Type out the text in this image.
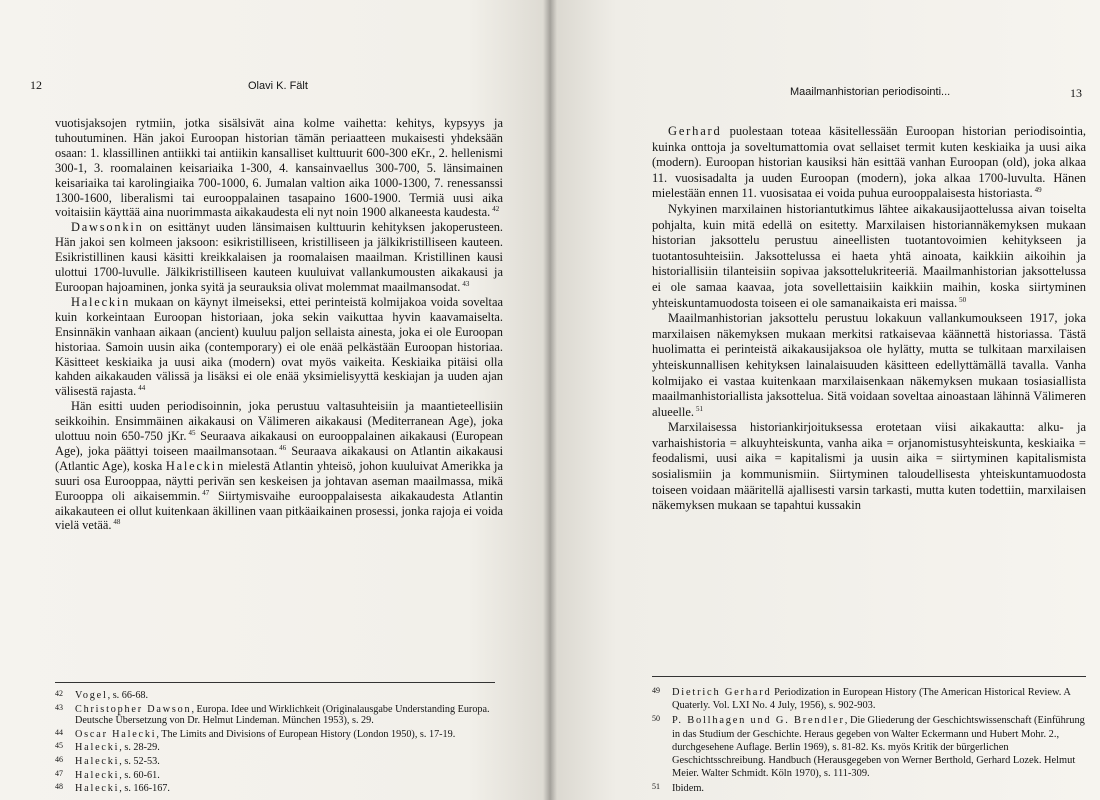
12	Olavi K. Fält

vuotisjaksojen rytmiin, jotka sisälsivät aina kolme vaihetta: kehitys, kypsyys ja tuhoutuminen. Hän jakoi Euroopan historian tämän periaatteen mukaisesti yhdeksään osaan: 1. klassillinen antiikki tai antiikin kansalliset kulttuurit 600-300 eKr., 2. hellenismi 300-1, 3. roomalainen keisariaika 1-300, 4. kansainvaellus 300-700, 5. länsimainen keisariaika tai karolingiaika 700-1000, 6. Jumalan valtion aika 1000-1300, 7. renessanssi 1300-1600, liberalismi tai eurooppalainen tasapaino 1600-1900. Termiä uusi aika voitaisiin käyttää aina nuorimmasta aikakaudesta eli nyt noin 1900 alkaneesta kaudesta. $^{42}$

Dawsonkin on esittänyt uuden länsimaisen kulttuurin kehityksen jakoperusteen. Hän jakoi sen kolmeen jaksoon: esikristilliseen, kristilliseen ja jälkikristilliseen kauteen. Esikristillinen kausi käsitti kreikkalaisen ja roomalaisen maailman. Kristillinen kausi ulottui 1700-luvulle. Jälkikristilliseen kauteen kuuluivat vallankumousten aikakausi ja Euroopan hajoaminen, jonka syitä ja seurauksia olivat molemmat maailmansodat. $^{43}$

Haleckin mukaan on käynyt ilmeiseksi, ettei perinteistä kolmijakoa voida soveltaa kuin korkeintaan Euroopan historiaan, joka sekin vaikuttaa hyvin kaavamaiselta. Ensinnäkin vanhaan aikaan (ancient) kuuluu paljon sellaista ainesta, joka ei ole Euroopan historiaa. Samoin uusin aika (contemporary) ei ole enää pelkästään Euroopan historiaa. Käsitteet keskiaika ja uusi aika (modern) ovat myös vaikeita. Keskiaika pitäisi olla kahden aikakauden välissä ja lisäksi ei ole enää yksimielisyyttä keskiajan ja uuden ajan välisestä rajasta. $^{44}$

Hän esitti uuden periodisoinnin, joka perustuu valtasuhteisiin ja maantieteellisiin seikkoihin. Ensimmäinen aikakausi on Välimeren aikakausi (Mediterranean Age), joka ulottuu noin 650-750 jKr. $^{45}$ Seuraava aikakausi on eurooppalainen aikakausi (European Age), joka päättyi toiseen maailmansotaan. $^{46}$ Seuraava aikakausi on Atlantin aikakausi (Atlantic Age), koska Haleckin mielestä Atlantin yhteisö, johon kuuluivat Amerikka ja suuri osa Eurooppaa, näytti perivän sen keskeisen ja johtavan aseman maailmassa, mikä Eurooppa oli aikaisemmin. $^{47}$ Siirtymisvaihe eurooppalaisesta aikakaudesta Atlantin aikakauteen ei ollut kuitenkaan äkillinen vaan pitkäaikainen prosessi, jonka rajoja ei voida vielä vetää. $^{48}$

42 Vogel, s. 66-68.

43 Christopher Dawson, Europa. Idee und Wirklichkeit (Originalausgabe Understanding Europa. Deutsche Übersetzung von Dr. Helmut Lindeman. München 1953), s. 29.

44 Oscar Halecki, The Limits and Divisions of European History (London 1950), s. 17-19.

45 Halecki, s. 28-29.

46 Halecki, s. 52-53.

47 Halecki, s. 60-61.

48 Halecki, s. 166-167.

Maailmanhistorian periodisointi...	13

Gerhard puolestaan toteaa käsitellessään Euroopan historian periodisointia, kuinka onttoja ja soveltumattomia ovat sellaiset termit kuten keskiaika ja uusi aika (modern). Euroopan historian kausiksi hän esittää vanhan Euroopan (old), joka alkaa 11. vuosisadalta ja uuden Euroopan (modern), joka alkaa 1700-luvulta. Hänen mielestään ennen 11. vuosisataa ei voida puhua eurooppalaisesta historiasta. $^{49}$

Nykyinen marxilainen historiantutkimus lähtee aikakausijaottelussa aivan toiselta pohjalta, kuin mitä edellä on esitetty. Marxilaisen historiannäkemyksen mukaan historian jaksottelu perustuu aineellisten tuotantovoimien kehitykseen ja tuotantosuhteisiin. Jaksottelussa ei haeta yhtä ainoata, kaikkiin aikoihin ja historiallisiin tilanteisiin sopivaa jaksottelukriteeriä. Maailmanhistorian jaksottelussa ei ole samaa kaavaa, jota sovellettaisiin kaikkiin maihin, koska siirtyminen yhteiskuntamuodosta toiseen ei ole samanaikaista eri maissa. $^{50}$

Maailmanhistorian jaksottelu perustuu lokakuun vallankumoukseen 1917, joka marxilaisen näkemyksen mukaan merkitsi ratkaisevaa käännettä historiassa. Tästä huolimatta ei perinteistä aikakausijaksoa ole hylätty, mutta se tulkitaan marxilaisen yhteiskunnallisen kehityksen lainalaisuuden käsitteen edellyttämällä tavalla. Vanha kolmijako ei vastaa kuitenkaan marxilaisenkaan näkemyksen mukaan tosiasiallista maailmanhistoriallista jaksottelua. Sitä voidaan soveltaa ainoastaan lähinnä Välimeren alueelle. $^{51}$

Marxilaisessa historiankirjoituksessa erotetaan viisi aikakautta: alku- ja varhaishistoria = alkuyhteiskunta, vanha aika = orjanomistusyhteiskunta, keskiaika = feodalismi, uusi aika = kapitalismi ja uusin aika = siirtyminen kapitalismista sosialismiin ja kommunismiin. Siirtyminen taloudellisesta yhteiskuntamuodosta toiseen voidaan määritellä ajallisesti varsin tarkasti, mutta kuten todettiin, marxilaisen näkemyksen mukaan se tapahtui kussakin

49 Dietrich Gerhard Periodization in European History (The American Historical Review. A Quaterly. Vol. LXI No. 4 July, 1956), s. 902-903.

50 P. Bollhagen und G. Brendler, Die Gliederung der Geschichtswissenschaft (Einführung in das Studium der Geschichte. Heraus gegeben von Walter Eckermann und Hubert Mohr. 2., durchgesehene Auflage. Berlin 1969), s. 81-82. Ks. myös Kritik der bürgerlichen Geschichtsschreibung. Handbuch (Herausgegeben von Werner Berthold, Gerhard Lozek. Helmut Meier. Walter Schmidt. Köln 1970), s. 111-309.

51 Ibidem.
